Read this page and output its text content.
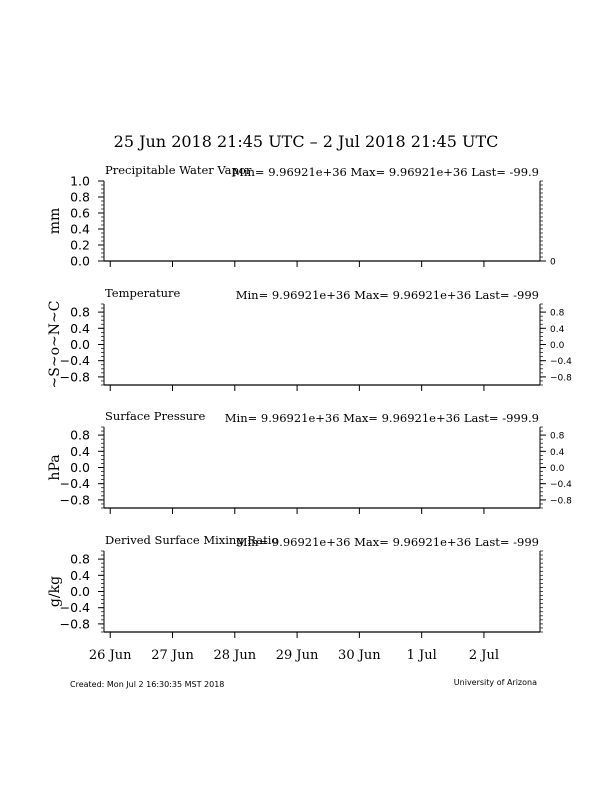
25 Jun 2018 21:45 UTC – 2 Jul 2018 21:45 UTC
Precipitable Water Vapor
Min= 9.96921e+36 Max= 9.96921e+36 Last= -99.9
mm
0.0
0.2
0.4
0.6
0.8
1.0
0
Temperature	Min= 9.96921e+36 Max= 9.96921e+36 Last= -999
~S~o~N~C
−0.8
−0.4
0.0
0.4
0.8
−0.8
−0.4
0.0
0.4
0.8
Surface Pressure Min= 9.96921e+36 Max= 9.96921e+36 Last= -999.9
hPa
−0.8
−0.4
0.0
0.4
0.8
−0.8
−0.4
0.0
0.4
0.8
Derived Surface Mixing Ratio
Min= 9.96921e+36 Max= 9.96921e+36 Last= -999
g/kg
−0.8
−0.4
0.0
0.4
0.8
26 Jun 27 Jun 28 Jun 29 Jun 30 Jun 1 Jul 2 Jul
Created: Mon Jul 2 16:30:35 MST 2018	University of Arizona
